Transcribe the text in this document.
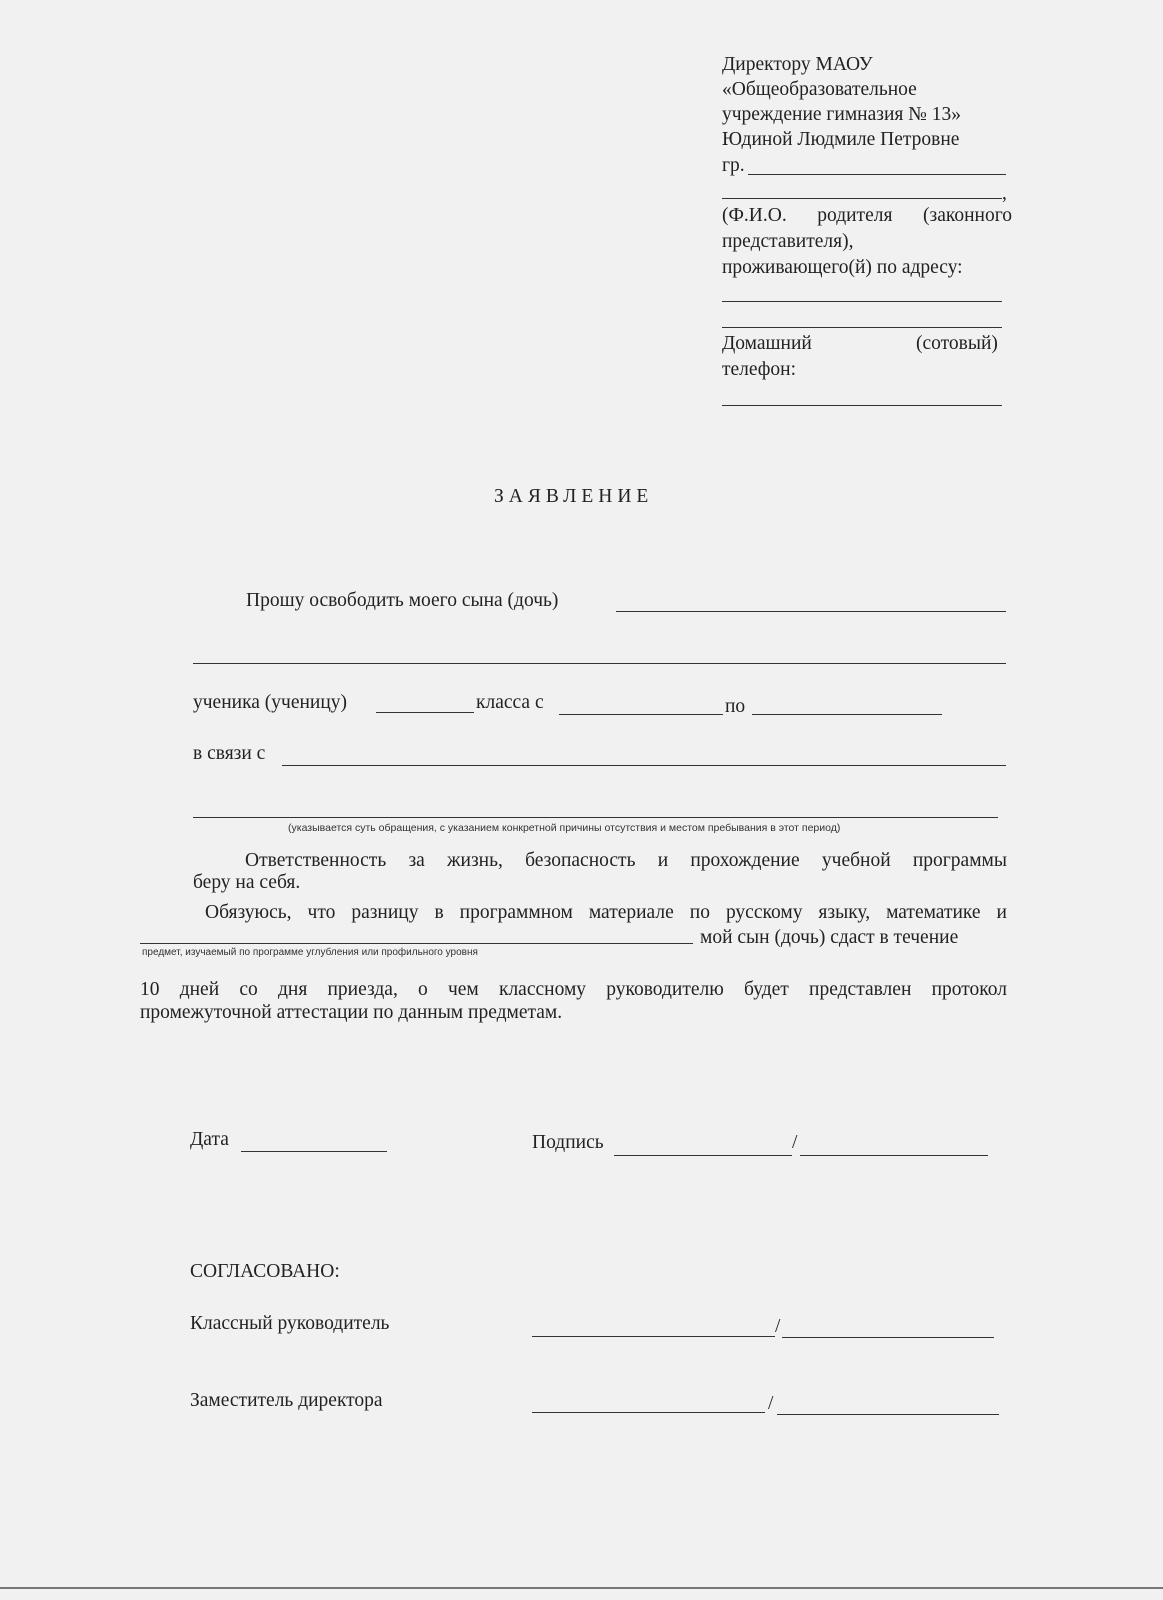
Директору МАОУ
«Общеобразовательное
учреждение гимназия № 13»
Юдиной Людмиле Петровне
гр.
,
(Ф.И.О. родителя (законного
представителя),
проживающего(й) по адресу:
Домашний	(сотовый)
телефон:
ЗАЯВЛЕНИЕ
Прошу освободить моего сына (дочь)
ученика (ученицу)	класса с	по
в связи с
(указывается суть обращения, с указанием конкретной причины отсутствия и местом пребывания в этот период)
Ответственность за жизнь, безопасность и прохождение учебной программы
беру на себя.
Обязуюсь, что разницу в программном материале по русскому языку, математике и
мой сын (дочь) сдаст в течение
предмет, изучаемый по программе углубления или профильного уровня
10 дней со дня приезда, о чем классному руководителю будет представлен протокол
промежуточной аттестации по данным предметам.
Дата	Подпись	/
СОГЛАСОВАНО:
Классный руководитель	/
Заместитель директора	/
